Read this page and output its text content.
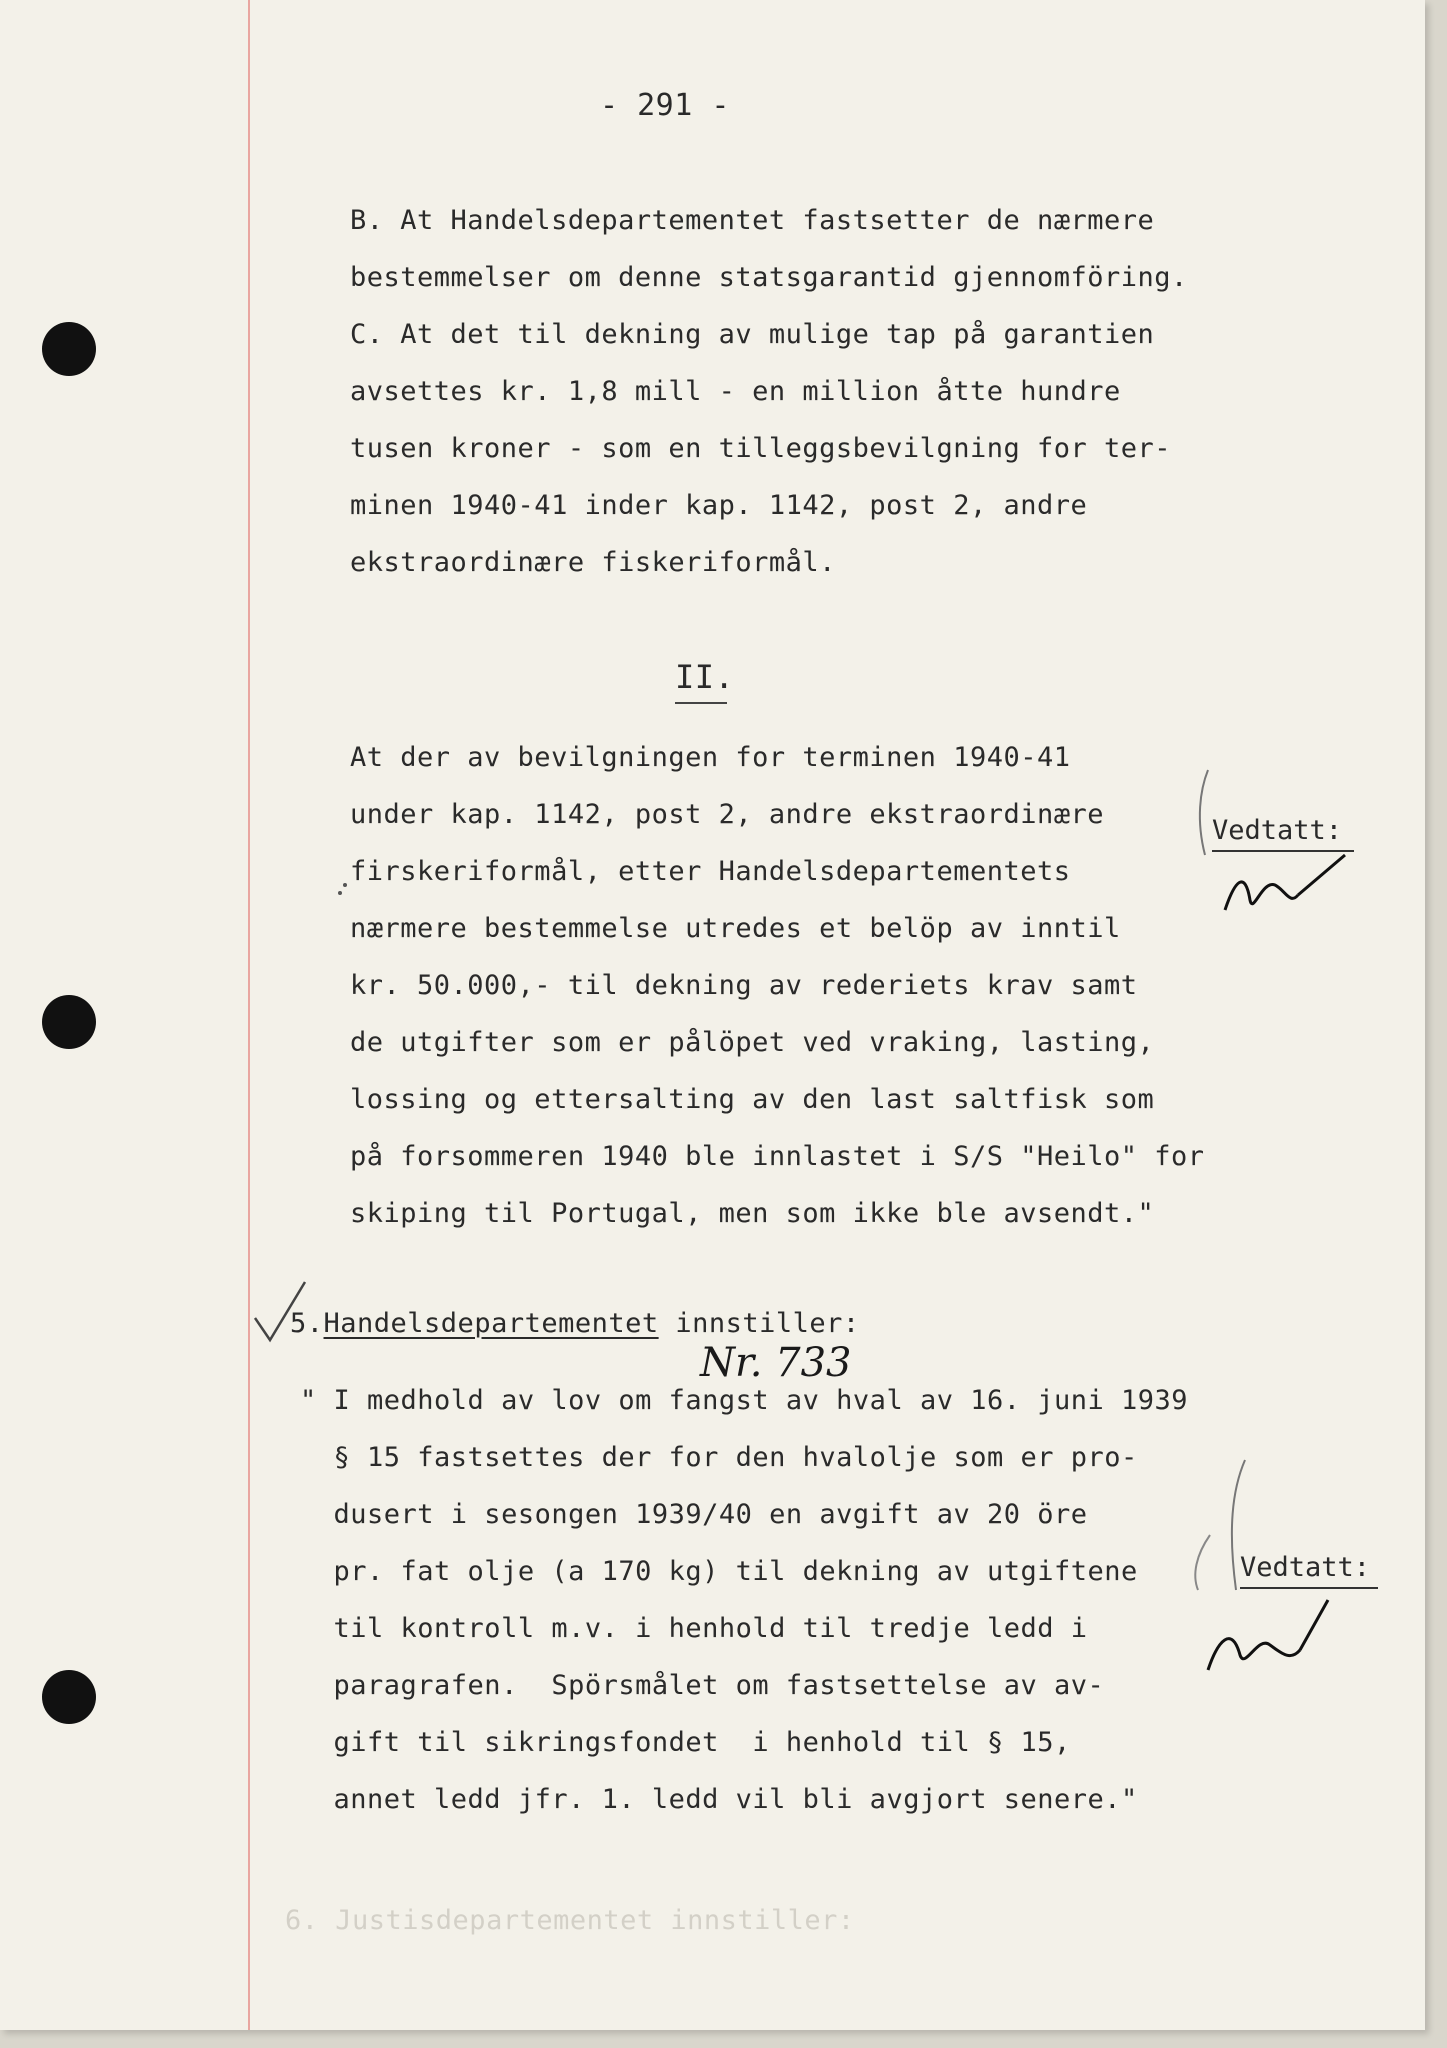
- 291 -
B. At Handelsdepartementet fastsetter de nærmere
bestemmelser om denne statsgarantid gjennomföring.
C. At det til dekning av mulige tap på garantien
avsettes kr. 1,8 mill - en million åtte hundre
tusen kroner - som en tilleggsbevilgning for ter-
minen 1940-41 inder kap. 1142, post 2, andre
ekstraordinære fiskeriformål.
II.
At der av bevilgningen for terminen 1940-41
under kap. 1142, post 2, andre ekstraordinære
firskeriformål, etter Handelsdepartementets
nærmere bestemmelse utredes et belöp av inntil
kr. 50.000,- til dekning av rederiets krav samt
de utgifter som er pålöpet ved vraking, lasting,
lossing og ettersalting av den last saltfisk som
på forsommeren 1940 ble innlastet i S/S "Heilo" for
skiping til Portugal, men som ikke ble avsendt."
Vedtatt:
5.Handelsdepartementet innstiller:
Nr. 733
" I medhold av lov om fangst av hval av 16. juni 1939
§ 15 fastsettes der for den hvalolje som er pro-
dusert i sesongen 1939/40 en avgift av 20 öre
pr. fat olje (a 170 kg) til dekning av utgiftene
til kontroll m.v. i henhold til tredje ledd i
paragrafen.  Spörsmålet om fastsettelse av av-
gift til sikringsfondet  i henhold til § 15,
annet ledd jfr. 1. ledd vil bli avgjort senere."
Vedtatt:
6. Justisdepartementet innstiller:
